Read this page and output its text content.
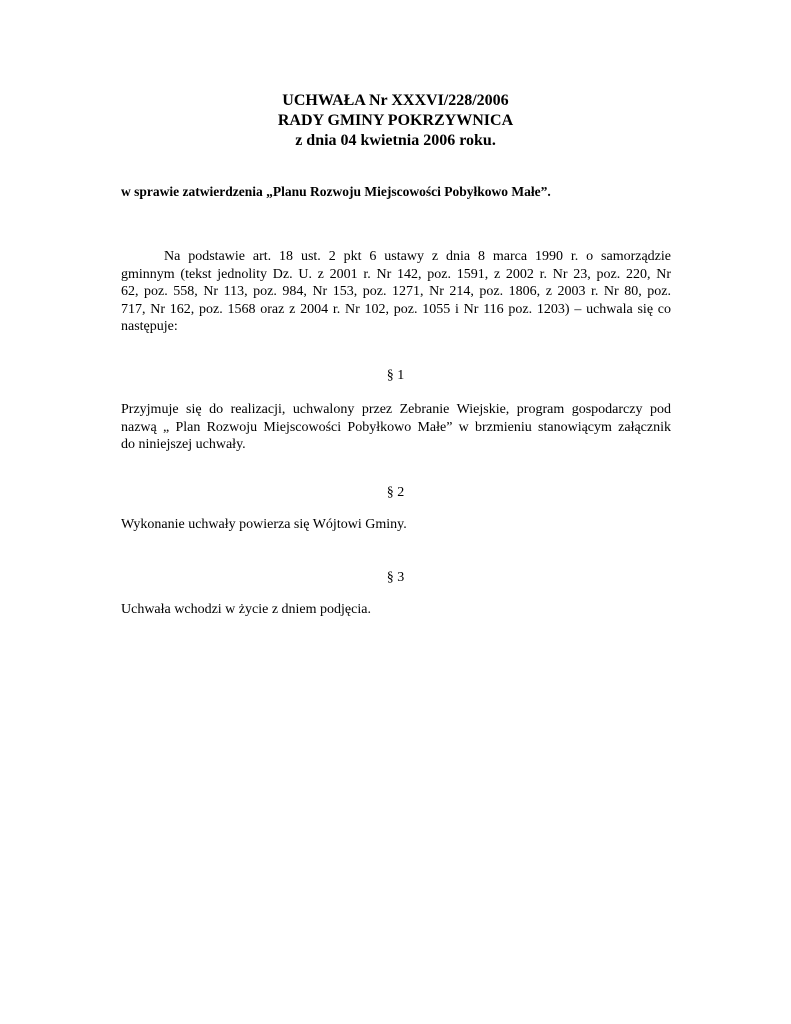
UCHWAŁA Nr XXXVI/228/2006
RADY GMINY POKRZYWNICA
z dnia 04 kwietnia 2006 roku.
w sprawie zatwierdzenia „Planu Rozwoju Miejscowości Pobyłkowo Małe”.
Na podstawie art. 18 ust. 2 pkt 6 ustawy z dnia 8 marca 1990 r. o samorządzie
gminnym (tekst jednolity Dz. U. z 2001 r. Nr 142, poz. 1591, z 2002 r. Nr 23, poz. 220, Nr
62, poz. 558, Nr 113, poz. 984, Nr 153, poz. 1271, Nr 214, poz. 1806, z 2003 r. Nr 80, poz.
717, Nr 162, poz. 1568 oraz z 2004 r. Nr 102, poz. 1055 i Nr 116 poz. 1203) – uchwala się co
następuje:
§ 1
Przyjmuje się do realizacji, uchwalony przez Zebranie Wiejskie, program gospodarczy pod
nazwą „ Plan Rozwoju Miejscowości Pobyłkowo Małe” w brzmieniu stanowiącym załącznik
do niniejszej uchwały.
§ 2
Wykonanie uchwały powierza się Wójtowi Gminy.
§ 3
Uchwała wchodzi w życie z dniem podjęcia.
